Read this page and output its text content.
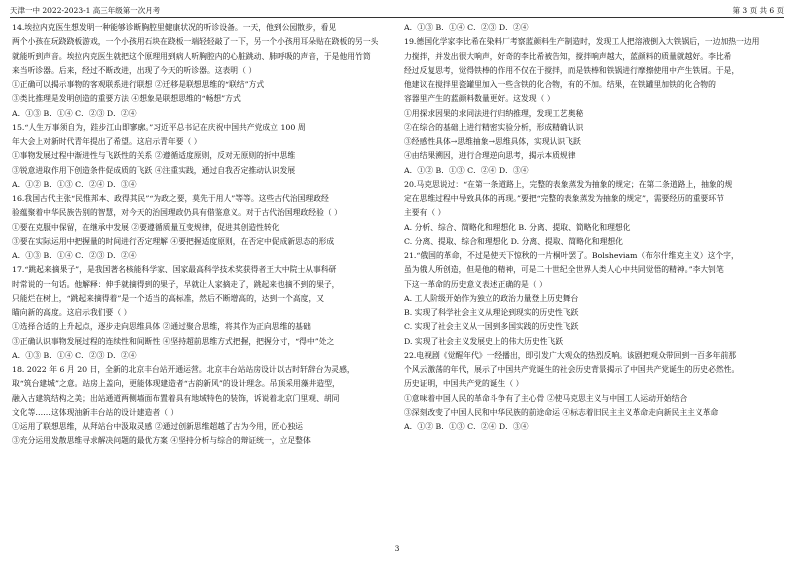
天津一中 2022-2023-1 高三年级第一次月考	第 3 页 共 6 页

14.埃拉内克医生想发明一种能够诊断胸腔里健康状况的听诊设备。一天，他到公园散步，看见

两个小孩在玩跷跷板游戏，一个小孩用石块在跷板一端轻轻敲了一下，另一个小孩用耳朵贴在跷板的另一头

就能听到声音。埃拉内克医生就把这个原理用到病人听胸腔内的心脏跳动、肺呼吸的声音，于是他用竹筒

来当听诊器。后来，经过不断改进，出现了今天的听诊器。这表明（ ）

①正确可以揭示事物的客观联系进行联想 ②迁移是联想思维的“联结”方式

③类比推理是发明创造的重要方法 ④想象是联想思维的“畅想”方式

A．①③ B．①④ C．②③ D．②④

15.“人生万事须自为，跬步江山即寥廓。”习近平总书记在庆祝中国共产党成立 100 周

年大会上对新时代青年提出了希望。这启示青年要（ ）

①事物发展过程中渐进性与飞跃性的关系 ②遵循适度原则，反对无原则的折中思维

③锐意进取作用下创造条件促成质的飞跃 ④注重实践，通过自我否定推动认识发展

A．①② B．①③ C．②④ D．③④

16.我国古代主张“民惟邦本、政得其民”“为政之要，莫先于用人”等等。这些古代治国理政经

验蕴聚着中华民族告别的智慧，对今天的治国理政仍具有借鉴意义。对于古代治国理政经验（ ）

①要在克服中保留，在继承中发展 ②要遵循质量互变规律，促进其创造性转化

③要在实际运用中把握量的时间进行否定理解 ④要把握适度原则，在否定中促成新思态的形成

A．①③ B．①④ C．②③ D．②④

17.“跳起来摘果子”，是我国著名核能科学家、国家最高科学技术奖获得者王大中院士从事科研

时常说的一句话。他解释：伸手就摘得到的果子，早就让人家摘走了，跳起来也摘不到的果子，

只能烂在树上，“跳起来摘得着”是一个适当的高标准，然后不断增高的，达到一个高度，又

瞄向新的高度。这启示我们要（ ）

①选择合适的上升起点，逐步走向思维具体 ②通过聚合思维，将其作为正向思维的基础

③正确认识事物发展过程的连续性和间断性 ④坚持超前思维方式把握，把握分寸，“得中”处之

A．①③ B．①④ C．②③ D．②④

18. 2022 年 6 月 20 日，全新的北京丰台站开通运营。北京丰台站站房设计以古时轩辞台为灵感，

取“筑台建城”之意。站房上盖向，更能体现建造者“古韵新风”的设计理念。吊顶采用藻井造型，

融入古建筑结构之美；出站通道两侧墙面布置着具有地域特色的装饰，诉说着北京门里观、胡同

文化等……这体现油新丰台站的设计建造者（ ）

①运用了联想思维，从拜站台中汲取灵感 ②通过创新思维超越了古为今用，匠心独运

③充分运用发散思维寻求解决问题的最优方案 ④坚持分析与综合的辩证统一，立足整体

A．①③ B．①④ C．②③ D．②④

19.德国化学家李比希在染料厂考察蓝颜料生产制造时，发现工人把溶液倒入大铁锅后，一边加热一边用

力搅拌，并发出很大响声，好奇的李比希被告知，搅拌响声越大，蓝颜料的质量就越好。李比希

经过反复思考，觉得铁棒的作用不仅在于搅拌，而是铁棒和铁锅进行摩擦使用中产生铁屑。于是，

他建议在搅拌里瓷罐里加入一些含铁的化合物，有的不加。结果，在铁罐里加铁的化合物的

容器里产生的蓝颜料数量更好。这发现（ ）

①用探求因果的求同法进行归纳推理，发现工艺奥秘

②在综合的基础上进行精密实验分析，形成精确认识

③经感性具体→思维抽象→思维具体，实现认识飞跃

④由结果溯因，进行合理逆向思考，揭示本质规律

A．①② B．①③ C．②④ D．③④

20.马克思说过：“在第一条道路上，完整的表象蒸发为抽象的规定；在第二条道路上，抽象的规

定在思维过程中导致具体的再现。”要把“完整的表象蒸发为抽象的规定”，需要经历的重要环节

主要有（ ）

A. 分析、综合、简略化和理想化 B. 分离、提取、简略化和理想化

C. 分离、提取、综合和理想化 D. 分离、提取、简略化和理想化

21.“俄国的革命，不过是使天下惊秋的一片桐叶罢了。Bolsheviam（布尔什维克主义）这个字，

虽为俄人所创造，但是他的精神，可是二十世纪全世界人类人心中共同觉悟的精神。”李大钊笔

下这一革命的历史意义表述正确的是（ ）

A. 工人阶级开始作为独立的政治力量登上历史舞台

B. 实现了科学社会主义从理论到现实的历史性飞跃

C. 实现了社会主义从一国到多国实践的历史性飞跃

D. 实现了社会主义发展史上的伟大历史性飞跃

22.电视剧《觉醒年代》一经播出，即引发广大观众的热烈反响。该剧把观众带回到一百多年前那

个风云激荡的年代，展示了中国共产党诞生的社会历史背景揭示了中国共产党诞生的历史必然性。

历史证明，中国共产党的诞生（ ）

①意味着中国人民的革命斗争有了主心骨 ②使马克思主义与中国工人运动开始结合

③深刻改变了中国人民和中华民族的前途命运 ④标志着旧民主主义革命走向新民主主义革命

A．①② B．①③ C．②④ D．③④

3
